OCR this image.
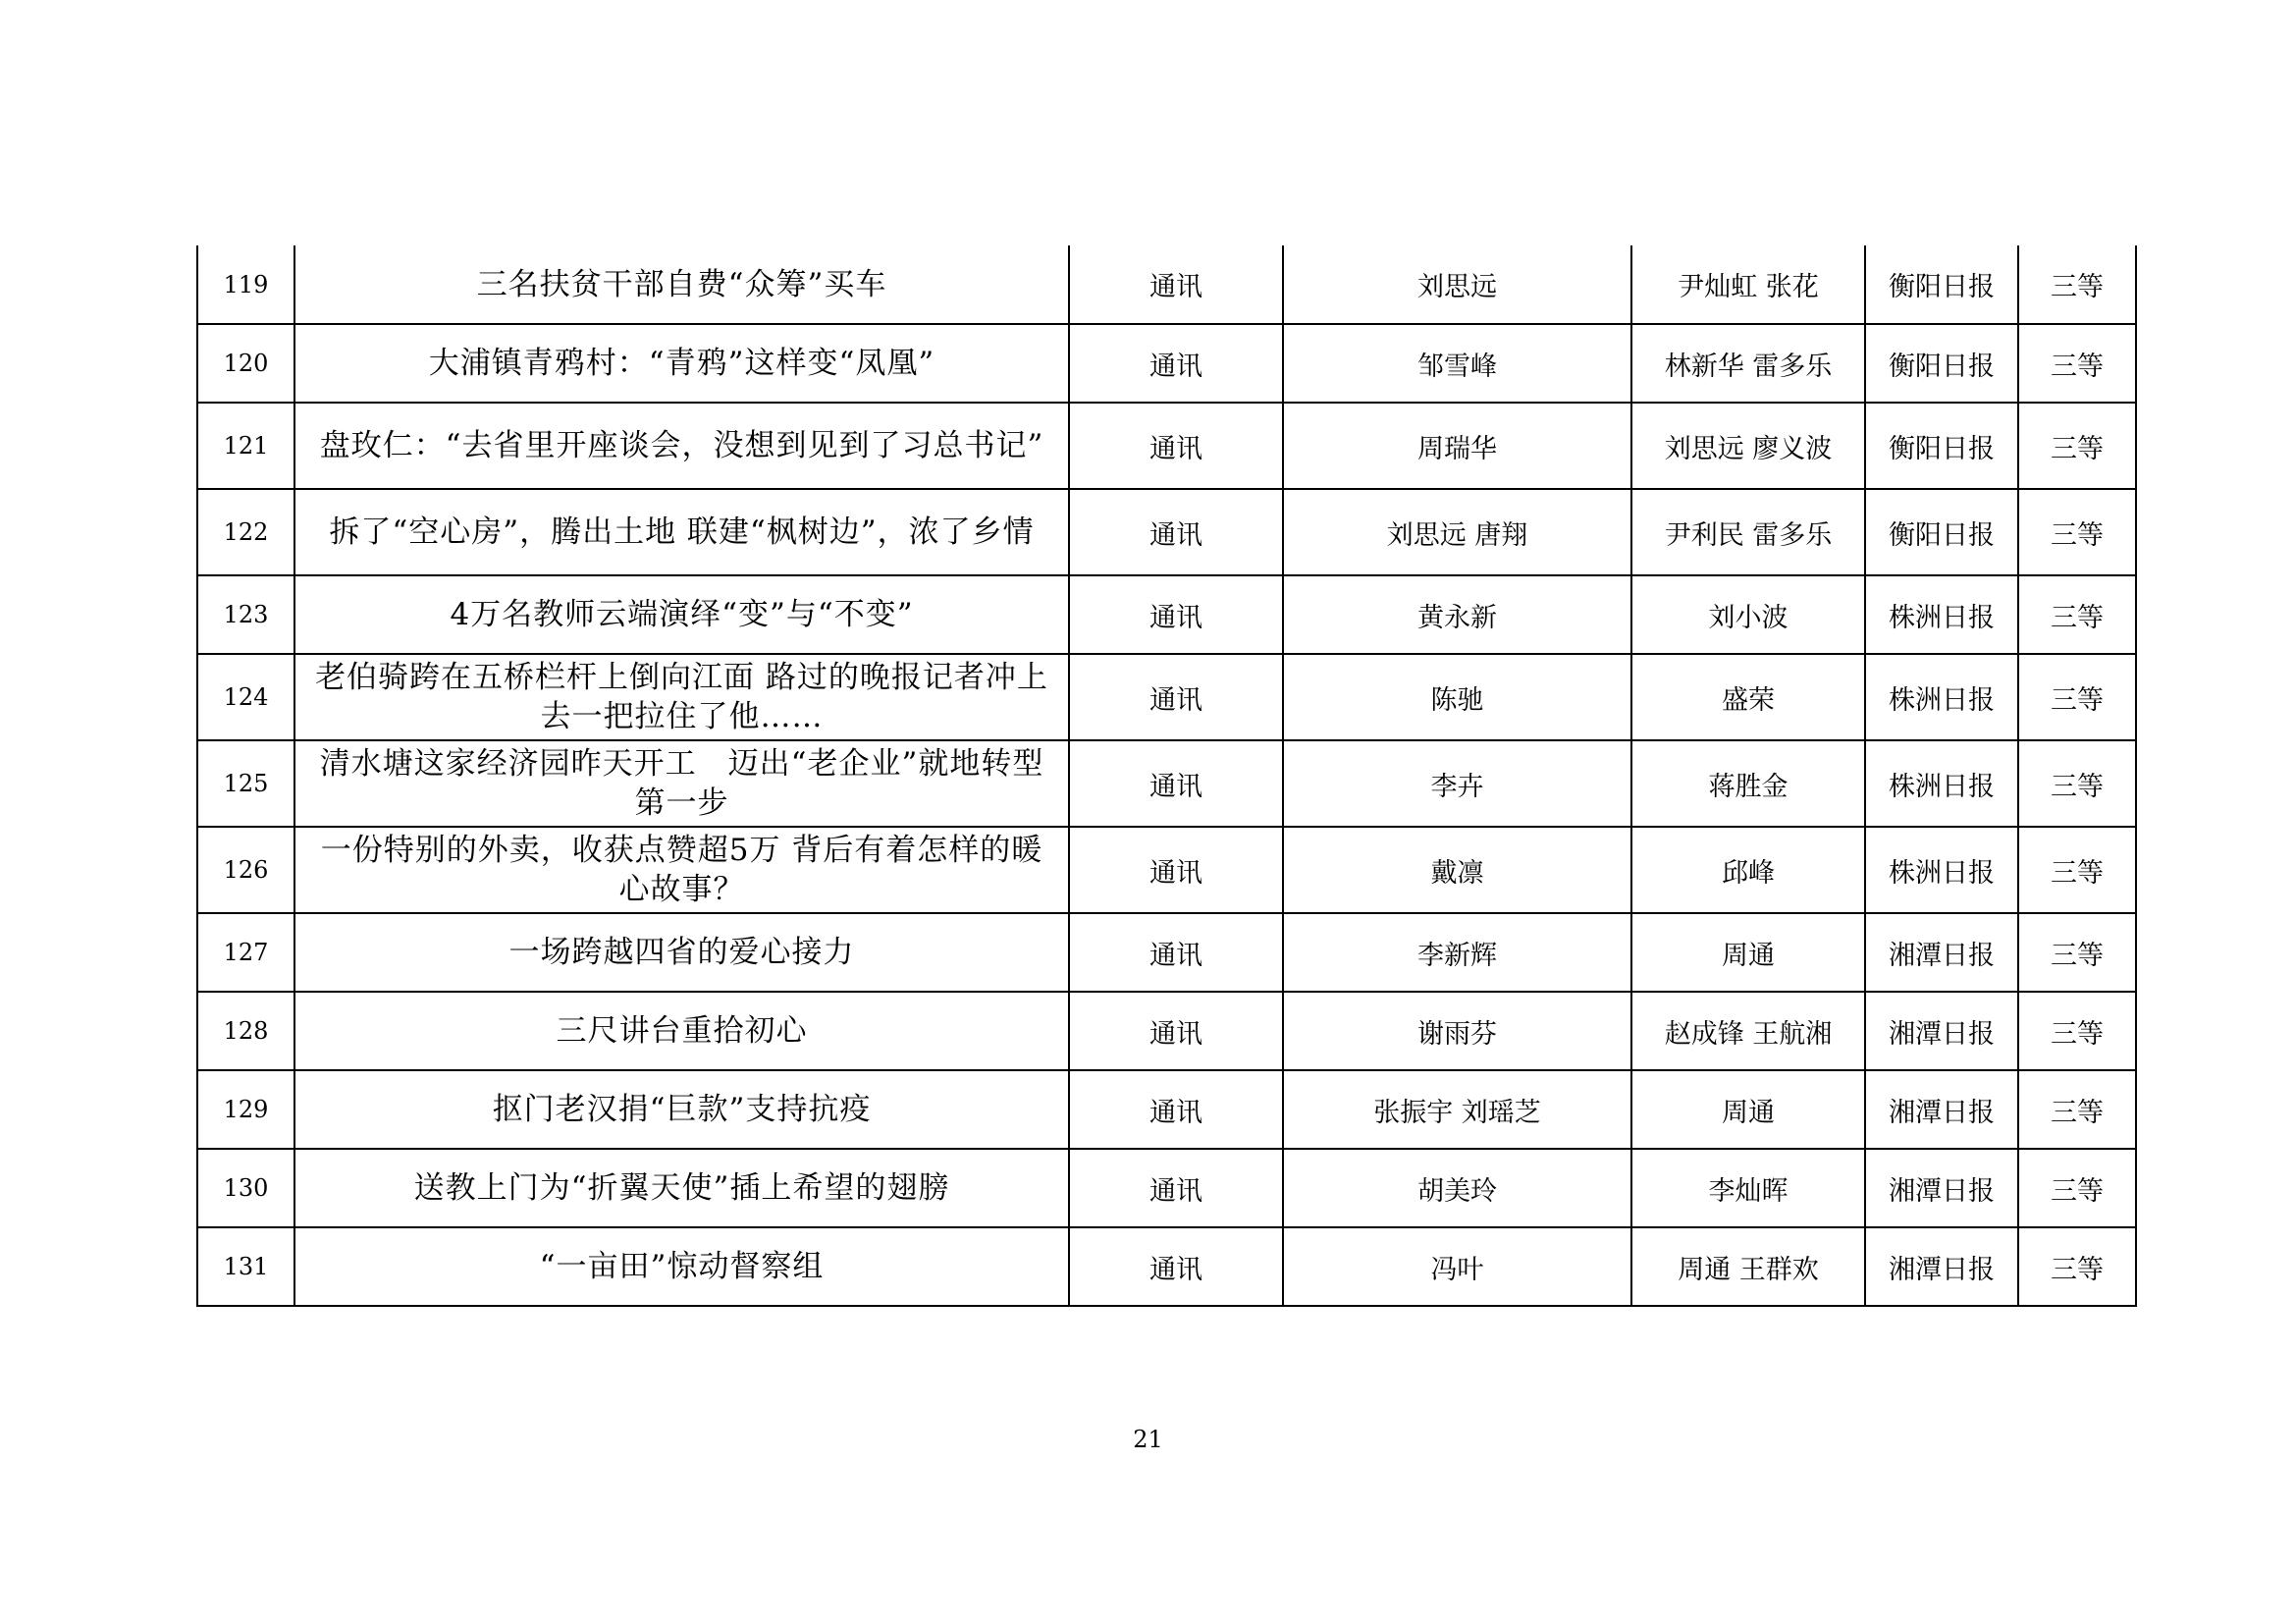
119	三名扶贫干部自费“众筹”买车	通讯	刘思远	尹灿虹 张花	衡阳日报	三等
120	大浦镇青鸦村：“青鸦”这样变“凤凰”	通讯	邹雪峰	林新华 雷多乐	衡阳日报	三等
121	盘玫仁：“去省里开座谈会，没想到见到了习总书记”	通讯	周瑞华	刘思远 廖义波	衡阳日报	三等
122	拆了“空心房”，腾出土地 联建“枫树边”，浓了乡情	通讯	刘思远 唐翔	尹利民 雷多乐	衡阳日报	三等
123	4万名教师云端演绎“变”与“不变”	通讯	黄永新	刘小波	株洲日报	三等
124	老伯骑跨在五桥栏杆上倒向江面 路过的晚报记者冲上去一把拉住了他……	通讯	陈驰	盛荣	株洲日报	三等
125	清水塘这家经济园昨天开工　迈出“老企业”就地转型第一步	通讯	李卉	蒋胜金	株洲日报	三等
126	一份特别的外卖，收获点赞超5万 背后有着怎样的暖心故事？	通讯	戴凛	邱峰	株洲日报	三等
127	一场跨越四省的爱心接力	通讯	李新辉	周通	湘潭日报	三等
128	三尺讲台重拾初心	通讯	谢雨芬	赵成锋 王航湘	湘潭日报	三等
129	抠门老汉捐“巨款”支持抗疫	通讯	张振宇 刘瑶芝	周通	湘潭日报	三等
130	送教上门为“折翼天使”插上希望的翅膀	通讯	胡美玲	李灿晖	湘潭日报	三等
131	“一亩田”惊动督察组	通讯	冯叶	周通 王群欢	湘潭日报	三等
21
